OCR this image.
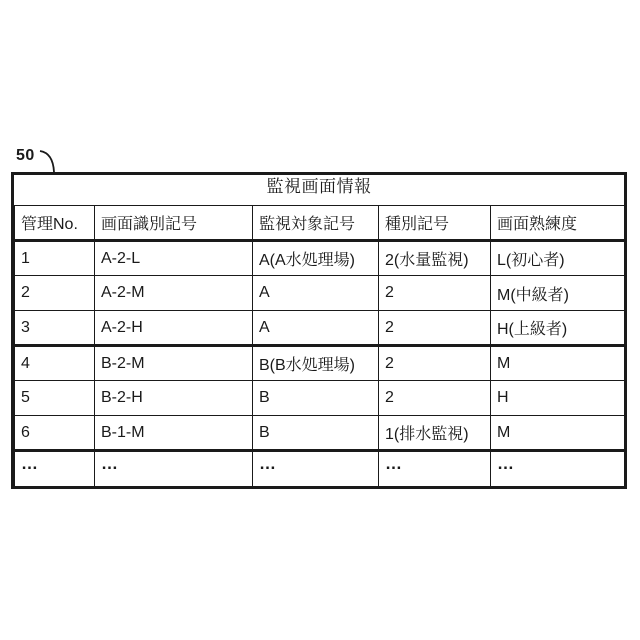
50
監視画面情報
管理No.	画面識別記号	監視対象記号	種別記号	画面熟練度
1	A-2-L	A(A水処理場)	2(水量監視)	L(初心者)
2	A-2-M	A	2	M(中級者)
3	A-2-H	A	2	H(上級者)
4	B-2-M	B(B水処理場)	2	M
5	B-2-H	B	2	H
6	B-1-M	B	1(排水監視)	M
…	…	…	…	…
